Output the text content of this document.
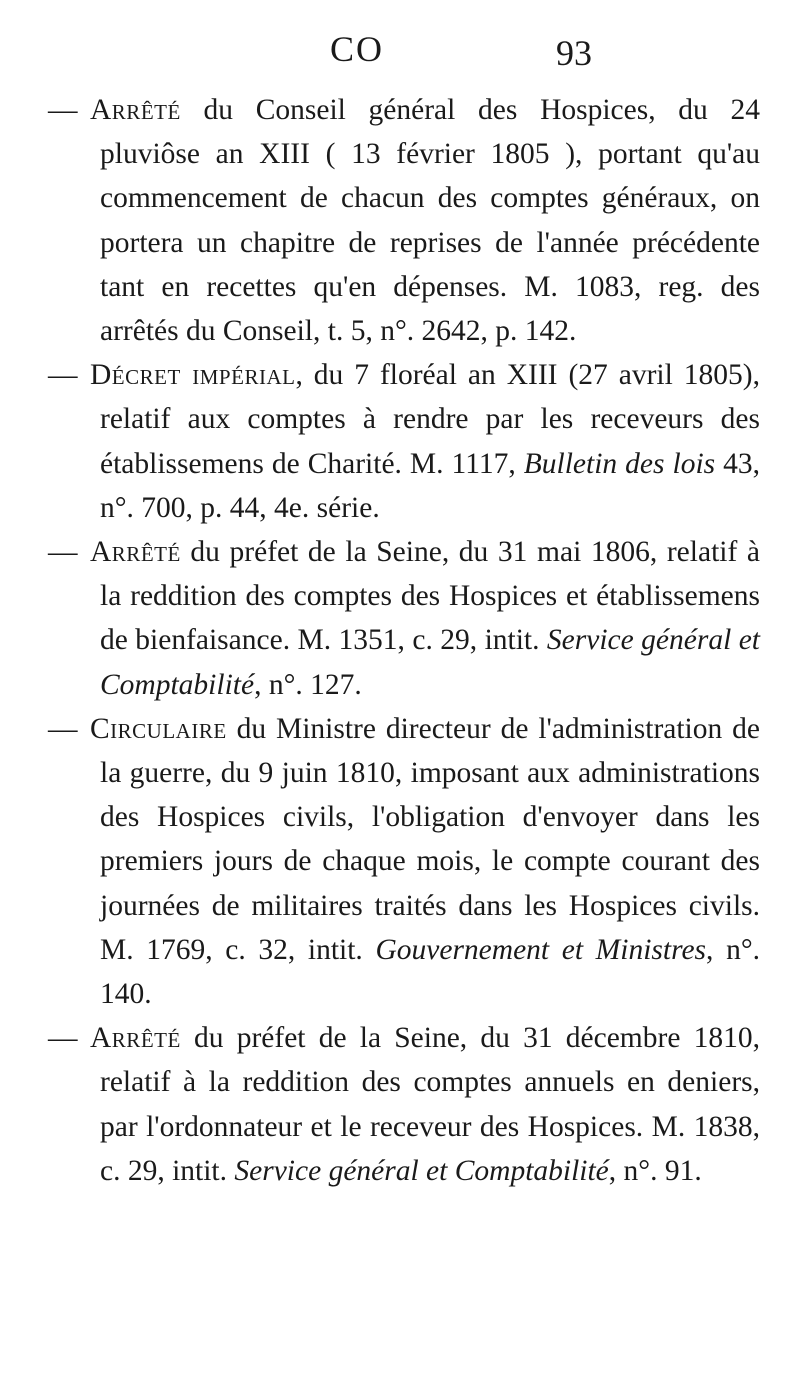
CO	93

— Arrêté du Conseil général des Hospices, du 24 pluviôse an XIII ( 13 février 1805 ), portant qu'au commencement de chacun des comptes généraux, on portera un chapitre de reprises de l'année précédente tant en recettes qu'en dépenses. M. 1083, reg. des arrêtés du Conseil, t. 5, n°. 2642, p. 142.

— Décret impérial, du 7 floréal an XIII (27 avril 1805), relatif aux comptes à rendre par les receveurs des établissemens de Charité. M. 1117, Bulletin des lois 43, n°. 700, p. 44, 4e. série.

— Arrêté du préfet de la Seine, du 31 mai 1806, relatif à la reddition des comptes des Hospices et établissemens de bienfaisance. M. 1351, c. 29, intit. Service général et Comptabilité, n°. 127.

— Circulaire du Ministre directeur de l'administration de la guerre, du 9 juin 1810, imposant aux administrations des Hospices civils, l'obligation d'envoyer dans les premiers jours de chaque mois, le compte courant des journées de militaires traités dans les Hospices civils. M. 1769, c. 32, intit. Gouvernement et Ministres, n°. 140.

— Arrêté du préfet de la Seine, du 31 décembre 1810, relatif à la reddition des comptes annuels en deniers, par l'ordonnateur et le receveur des Hospices. M. 1838, c. 29, intit. Service général et Comptabilité, n°. 91.
